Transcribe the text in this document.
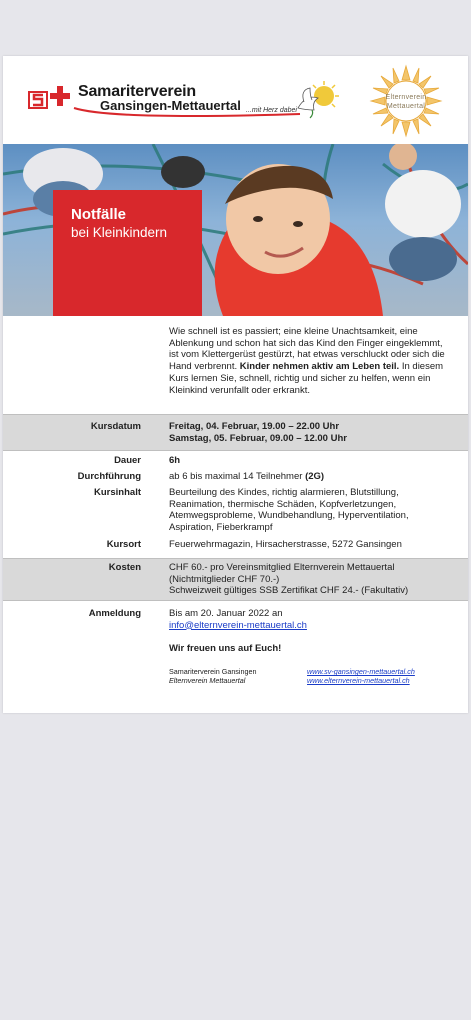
Samariterverein
Gansingen-Mettauertal ...mit Herz dabei
Elternverein
Mettauertal
Notfälle
bei Kleinkindern
Wie schnell ist es passiert; eine kleine Unachtsamkeit, eine Ablenkung und schon hat sich das Kind den Finger eingeklemmt, ist vom Klettergerüst gestürzt, hat etwas verschluckt oder sich die Hand verbrennt. Kinder nehmen aktiv am Leben teil. In diesem Kurs lernen Sie, schnell, richtig und sicher zu helfen, wenn ein Kleinkind verunfallt oder erkrankt.
Kursdatum	Freitag, 04. Februar, 19.00 – 22.00 Uhr
Samstag, 05. Februar, 09.00 – 12.00 Uhr
Dauer	6h
Durchführung	ab 6 bis maximal 14 Teilnehmer (2G)
Kursinhalt	Beurteilung des Kindes, richtig alarmieren, Blutstillung, Reanimation, thermische Schäden, Kopfverletzungen, Atemwegsprobleme, Wundbehandlung, Hyperventilation, Aspiration, Fieberkrampf
Kursort	Feuerwehrmagazin, Hirsacherstrasse, 5272 Gansingen
Kosten	CHF 60.- pro Vereinsmitglied Elternverein Mettauertal
(Nichtmitglieder CHF 70.-)
Schweizweit gültiges SSB Zertifikat CHF 24.- (Fakultativ)
Anmeldung	Bis am 20. Januar 2022 an
info@elternverein-mettauertal.ch
Wir freuen uns auf Euch!
Samariterverein Gansingen
Elternverein Mettauertal
www.sv-gansingen-mettauertal.ch
www.elternverein-mettauertal.ch
